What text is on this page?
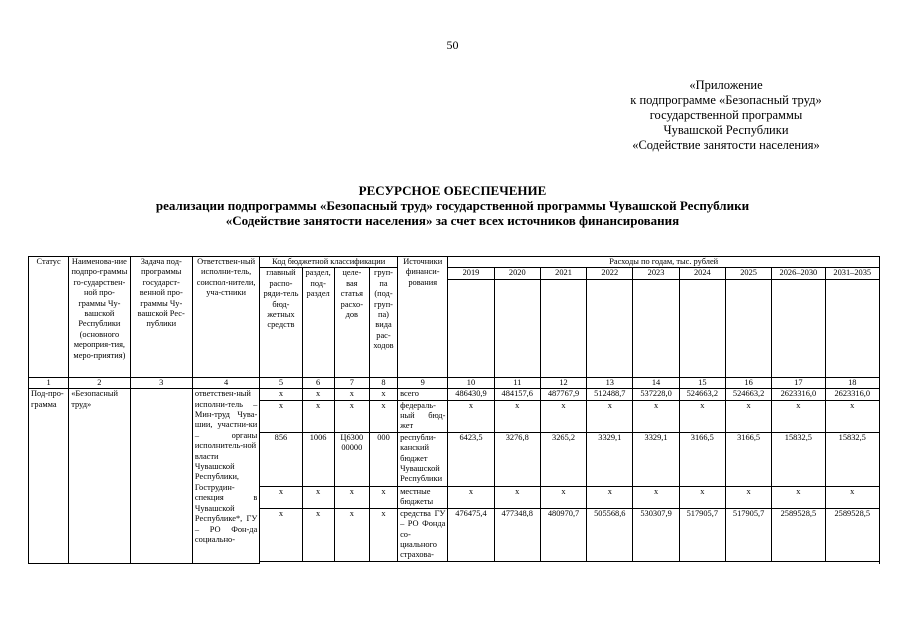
50
«Приложение
к подпрограмме «Безопасный труд»
государственной программы
Чувашской Республики
«Содействие занятости населения»
РЕСУРСНОЕ ОБЕСПЕЧЕНИЕ
реализации подпрограммы «Безопасный труд» государственной программы Чувашской Республики
«Содействие занятости населения» за счет всех источников финансирования
Статус	Наименова-ние подпро-граммы го-сударствен-ной про-граммы Чу-вашской Республики (основного мероприя-тия, меро-приятия)	Задача под-программы государст-венной про-граммы Чу-вашской Рес-публики	Ответствен-ный исполни-тель, соиспол-нители, уча-стники	Код бюджетной классификации				Источники финанси-рования	Расходы по годам, тыс. рублей								
				главный распо-ряди-тель бюд-жетных средств	раздел, под-раздел	целе-вая статья расхо-дов	груп-па (под-груп-па) вида рас-ходов		2019	2020	2021	2022	2023	2024	2025	2026–2030	2031–2035

1	2	3	4	5	6	7	8	9	10	11	12	13	14	15	16	17	18
Под-про-грамма	«Безопасный труд»		ответствен-ный исполни-тель – Мин-труд Чува-шии, участни-ки – органы исполнитель-ной власти Чувашской Республики, Гострудин-спекция в Чувашской Республике*, ГУ – РО Фон-да социально-	x	x	x	x	всего	486430,9	484157,6	487767,9	512488,7	537228,0	524663,2	524663,2	2623316,0	2623316,0
				x	x	x	x	федераль-ный бюд-жет	x	x	x	x	x	x	x	x	x
				856	1006	Ц6300 00000	000	республи-канский бюджет Чувашской Республики	6423,5	3276,8	3265,2	3329,1	3329,1	3166,5	3166,5	15832,5	15832,5
				x	x	x	x	местные бюджеты	x	x	x	x	x	x	x	x	x
				x	x	x	x	средства ГУ – РО Фонда со-циального страхова-	476475,4	477348,8	480970,7	505568,6	530307,9	517905,7	517905,7	2589528,5	2589528,5
